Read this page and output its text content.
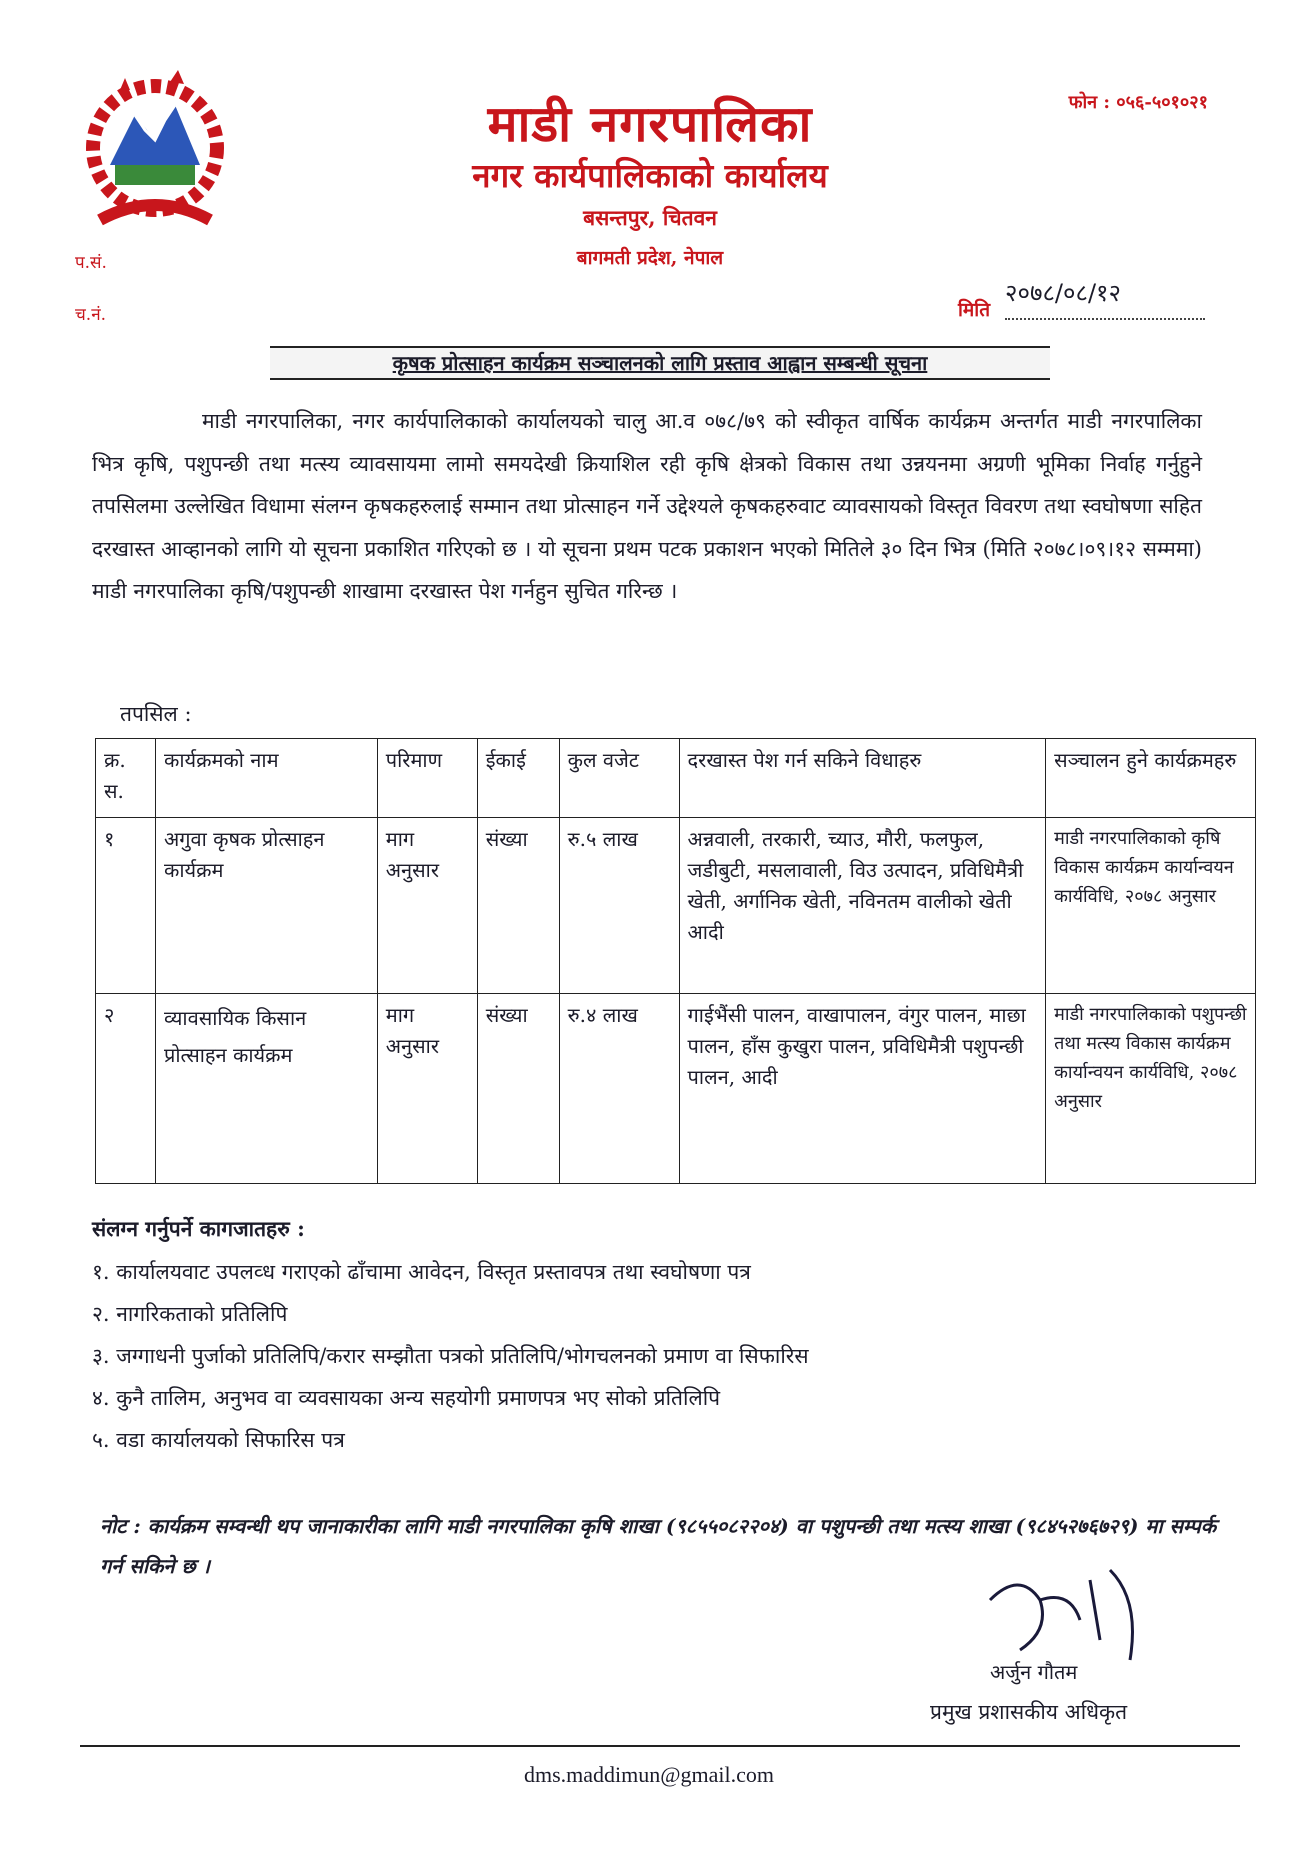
माडी नगरपालिका
नगर कार्यपालिकाको कार्यालय
बसन्तपुर, चितवन
बागमती प्रदेश, नेपाल
फोन : ०५६-५०१०२१
प.सं.
च.नं.	मिति
२०७८/०८/१२
कृषक प्रोत्साहन कार्यक्रम सञ्चालनको लागि प्रस्ताव आह्वान सम्बन्धी सूचना
माडी नगरपालिका, नगर कार्यपालिकाको कार्यालयको चालु आ.व ०७८/७९ को स्वीकृत वार्षिक कार्यक्रम अन्तर्गत माडी नगरपालिका भित्र कृषि, पशुपन्छी तथा मत्स्य व्यावसायमा लामो समयदेखी क्रियाशिल रही कृषि क्षेत्रको विकास तथा उन्नयनमा अग्रणी भूमिका निर्वाह गर्नुहुने तपसिलमा उल्लेखित विधामा संलग्न कृषकहरुलाई सम्मान तथा प्रोत्साहन गर्ने उद्देश्यले कृषकहरुवाट व्यावसायको विस्तृत विवरण तथा स्वघोषणा सहित दरखास्त आव्हानको लागि यो सूचना प्रकाशित गरिएको छ । यो सूचना प्रथम पटक प्रकाशन भएको मितिले ३० दिन भित्र (मिति २०७८।०९।१२ सम्ममा) माडी नगरपालिका कृषि/पशुपन्छी शाखामा दरखास्त पेश गर्नहुन सुचित गरिन्छ ।
तपसिल :
क्र. स.	कार्यक्रमको नाम	परिमाण	ईकाई	कुल वजेट	दरखास्त पेश गर्न सकिने विधाहरु	सञ्चालन हुने कार्यक्रमहरु
१	अगुवा कृषक प्रोत्साहन कार्यक्रम	माग अनुसार	संख्या	रु.५ लाख	अन्नवाली, तरकारी, च्याउ, मौरी, फलफुल, जडीबुटी, मसलावाली, विउ उत्पादन, प्रविधिमैत्री खेती, अर्गानिक खेती, नविनतम वालीको खेती आदी	माडी नगरपालिकाको कृषि विकास कार्यक्रम कार्यान्वयन कार्यविधि, २०७८ अनुसार
२	व्यावसायिक किसान प्रोत्साहन कार्यक्रम	माग अनुसार	संख्या	रु.४ लाख	गाईभैंसी पालन, वाखापालन, वंगुर पालन, माछा पालन, हाँस कुखुरा पालन, प्रविधिमैत्री पशुपन्छी पालन, आदी	माडी नगरपालिकाको पशुपन्छी तथा मत्स्य विकास कार्यक्रम कार्यान्वयन कार्यविधि, २०७८ अनुसार
संलग्न गर्नुपर्ने कागजातहरु :
१. कार्यालयवाट उपलव्ध गराएको ढाँचामा आवेदन, विस्तृत प्रस्तावपत्र तथा स्वघोषणा पत्र
२. नागरिकताको प्रतिलिपि
३. जग्गाधनी पुर्जाको प्रतिलिपि/करार सम्झौता पत्रको प्रतिलिपि/भोगचलनको प्रमाण वा सिफारिस
४. कुनै तालिम, अनुभव वा व्यवसायका अन्य सहयोगी प्रमाणपत्र भए सोको प्रतिलिपि
५. वडा कार्यालयको सिफारिस पत्र
नोट : कार्यक्रम सम्वन्धी थप जानाकारीका लागि माडी नगरपालिका कृषि शाखा (९८५५०८२२०४) वा पशुपन्छी तथा मत्स्य शाखा (९८४५२७६७२९) मा सम्पर्क गर्न सकिने छ ।
अर्जुन गौतम
प्रमुख प्रशासकीय अधिकृत
dms.maddimun@gmail.com
